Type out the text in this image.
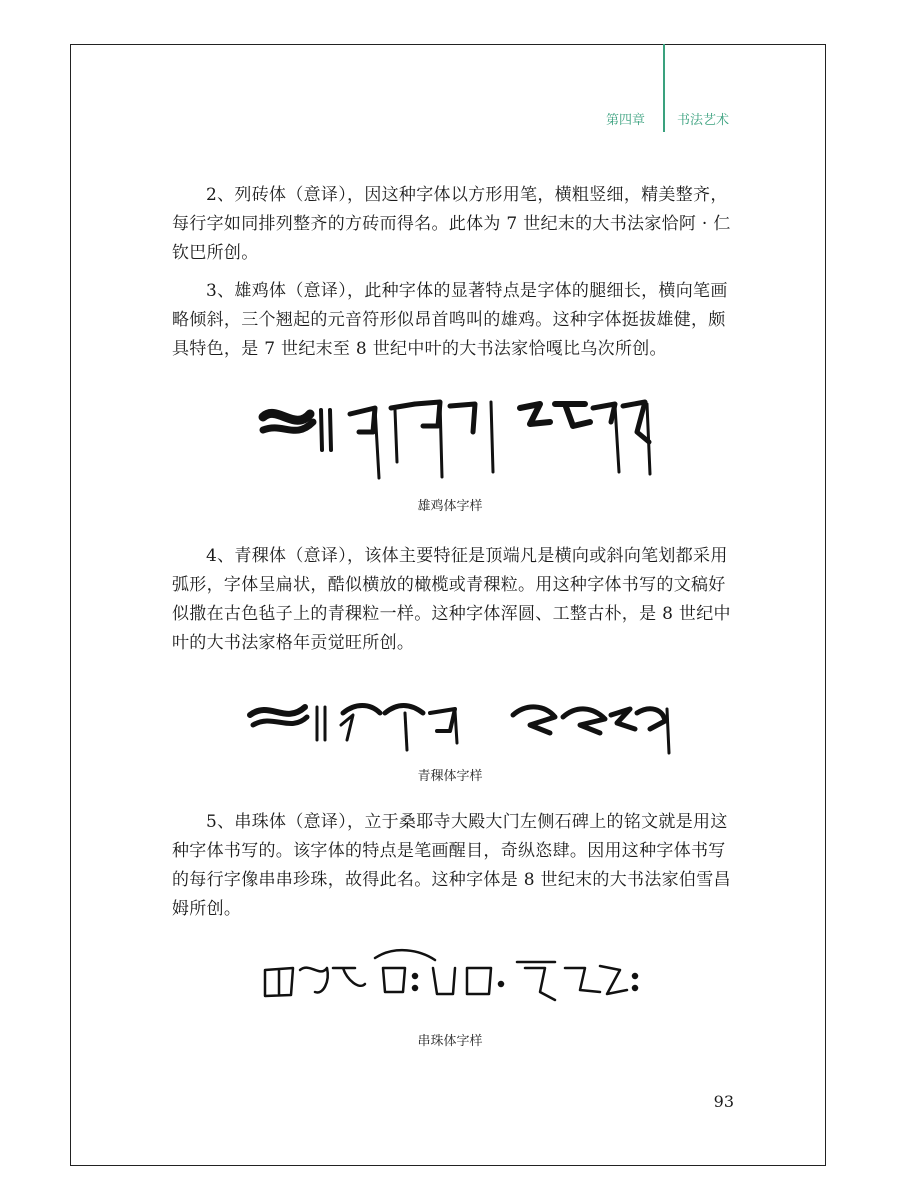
第四章 书法艺术

2、列砖体（意译），因这种字体以方形用笔，横粗竖细，精美整齐，每行字如同排列整齐的方砖而得名。此体为 7 世纪末的大书法家恰阿 · 仁钦巴所创。

3、雄鸡体（意译），此种字体的显著特点是字体的腿细长，横向笔画略倾斜，三个翘起的元音符形似昂首鸣叫的雄鸡。这种字体挺拔雄健，颇具特色，是 7 世纪末至 8 世纪中叶的大书法家恰嘎比乌次所创。

雄鸡体字样

4、青稞体（意译），该体主要特征是顶端凡是横向或斜向笔划都采用弧形，字体呈扁状，酷似横放的橄榄或青稞粒。用这种字体书写的文稿好似撒在古色毡子上的青稞粒一样。这种字体浑圆、工整古朴，是 8 世纪中叶的大书法家格年贡觉旺所创。

青稞体字样

5、串珠体（意译），立于桑耶寺大殿大门左侧石碑上的铭文就是用这种字体书写的。该字体的特点是笔画醒目，奇纵恣肆。因用这种字体书写的每行字像串串珍珠，故得此名。这种字体是 8 世纪末的大书法家伯雪昌姆所创。

串珠体字样
93
